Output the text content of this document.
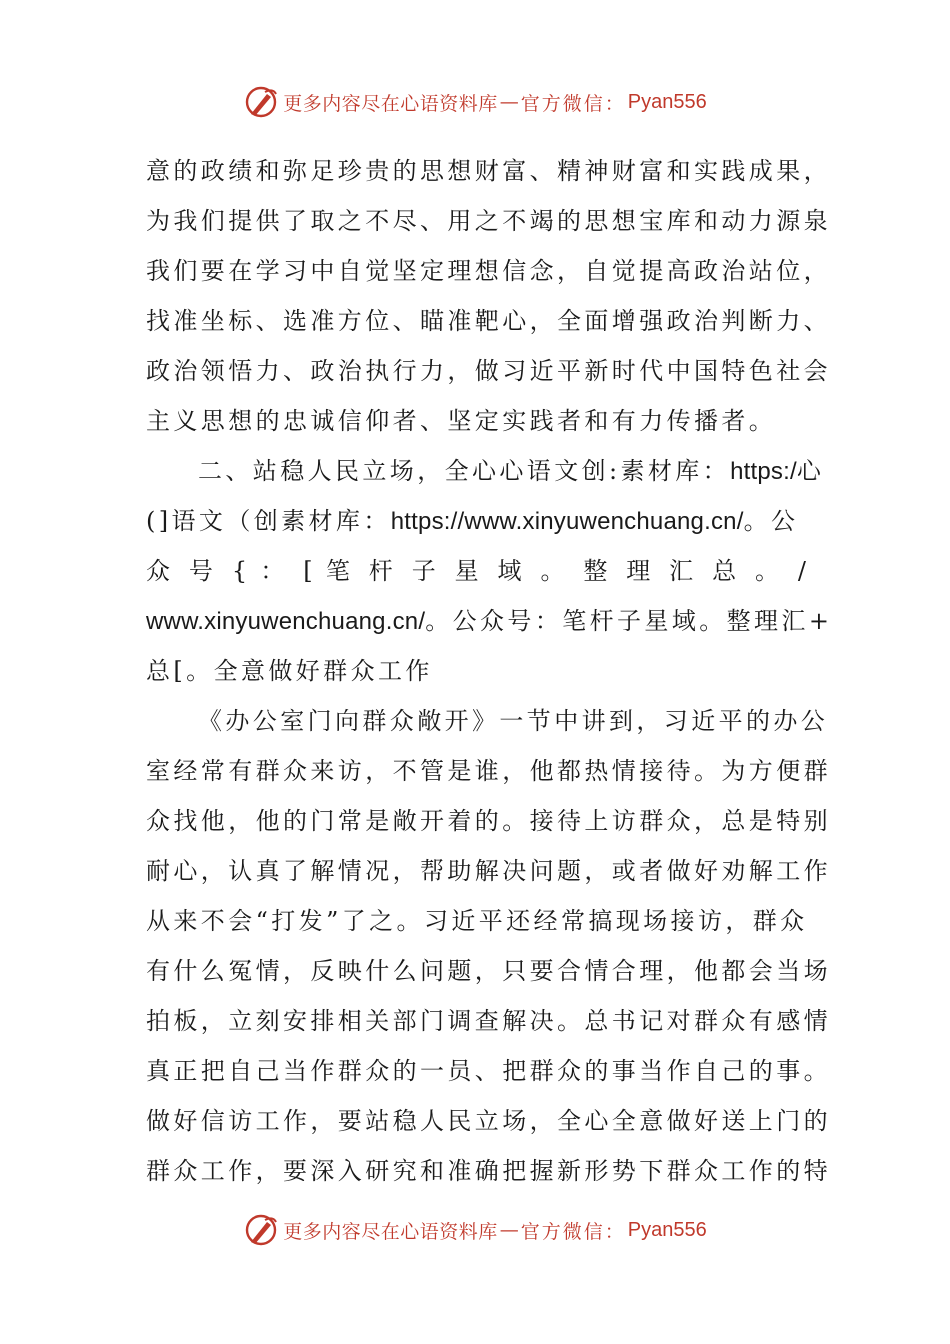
更多内容尽在心语资料库 — 官方微信： Pyan556
意的政绩和弥足珍贵的思想财富、精神财富和实践成果，
为我们提供了取之不尽、用之不竭的思想宝库和动力源泉
我们要在学习中自觉坚定理想信念，自觉提高政治站位，
找准坐标、选准方位、瞄准靶心，全面增强政治判断力、
政治领悟力、政治执行力，做习近平新时代中国特色社会
主义思想的忠诚信仰者、坚定实践者和有力传播者。
二、站稳人民立场，全心心语文创:素材库：https:/心
(]语文（创素材库：https://www.xinyuwenchuang.cn/。公
众 号 { ： [ 笔 杆 子 星 域 。 整 理 汇 总 。 /
www.xinyuwenchuang.cn/。公众号：笔杆子星域。整理汇+
总[。全意做好群众工作
《办公室门向群众敞开》一节中讲到，习近平的办公
室经常有群众来访，不管是谁，他都热情接待。为方便群
众找他，他的门常是敞开着的。接待上访群众，总是特别
耐心，认真了解情况，帮助解决问题，或者做好劝解工作
从来不会“打发”了之。习近平还经常搞现场接访，群众
有什么冤情，反映什么问题，只要合情合理，他都会当场
拍板，立刻安排相关部门调查解决。总书记对群众有感情
真正把自己当作群众的一员、把群众的事当作自己的事。
做好信访工作，要站稳人民立场，全心全意做好送上门的
群众工作，要深入研究和准确把握新形势下群众工作的特
更多内容尽在心语资料库 — 官方微信： Pyan556
